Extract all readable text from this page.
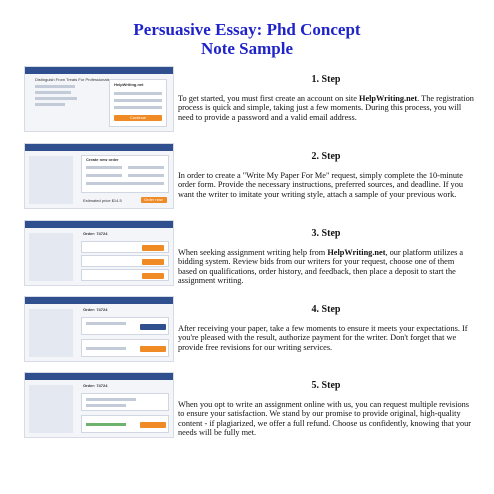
Persuasive Essay: Phd Concept
Note Sample
Distinguish From Treats For Professionals
HelpWriting.net
Continue
1. Step
To get started, you must first create an account on site HelpWriting.net. The registration process is quick and simple, taking just a few moments. During this process, you will need to provide a password and a valid email address.
Create new order
Estimated price $14.5	Order now
2. Step
In order to create a "Write My Paper For Me" request, simply complete the 10-minute order form. Provide the necessary instructions, preferred sources, and deadline. If you want the writer to imitate your writing style, attach a sample of your previous work.
Order: 74724	3. Step
When seeking assignment writing help from HelpWriting.net, our platform utilizes a bidding system. Review bids from our writers for your request, choose one of them based on qualifications, order history, and feedback, then place a deposit to start the assignment writing.
Order: 74724	4. Step
After receiving your paper, take a few moments to ensure it meets your expectations. If you're pleased with the result, authorize payment for the writer. Don't forget that we provide free revisions for our writing services.
Order: 74724	5. Step
When you opt to write an assignment online with us, you can request multiple revisions to ensure your satisfaction. We stand by our promise to provide original, high-quality content - if plagiarized, we offer a full refund. Choose us confidently, knowing that your needs will be fully met.
